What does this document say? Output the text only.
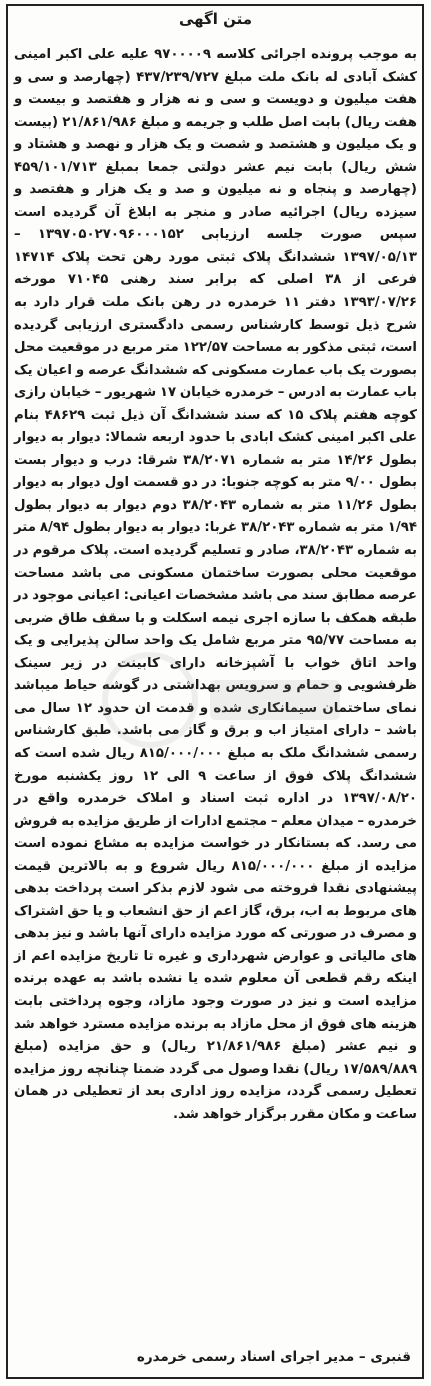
متن اگهی

به موجب پرونده اجرائی کلاسه ۹۷۰۰۰۰۹ علیه علی اکبر امینی کشک آبادی له بانک ملت مبلغ ۴۳۷/۲۳۹/۷۲۷ (چهارصد و سی و هفت میلیون و دویست و سی و نه هزار و هفتصد و بیست و هفت ریال) بابت اصل طلب و جریمه و مبلغ ۲۱/۸۶۱/۹۸۶ (بیست و یک میلیون و هشتصد و شصت و یک هزار و نهصد و هشتاد و شش ریال) بابت نیم عشر دولتی جمعا بمبلغ ۴۵۹/۱۰۱/۷۱۳ (چهارصد و پنجاه و نه میلیون و صد و یک هزار و هفتصد و سیزده ریال) اجرائیه صادر و منجر به ابلاغ آن گردیده است سپس صورت جلسه ارزیابی ۱۳۹۷۰۵۰۲۷۰۹۶۰۰۰۱۵۲ – ۱۳۹۷/۰۵/۱۳ ششدانگ پلاک ثبتی مورد رهن تحت پلاک ۱۴۷۱۴ فرعی از ۳۸ اصلی که برابر سند رهنی ۷۱۰۴۵ مورخه ۱۳۹۳/۰۷/۲۶ دفتر ۱۱ خرمدره در رهن بانک ملت قرار دارد به شرح ذیل توسط کارشناس رسمی دادگستری ارزیابی گردیده است، ثبتی مذکور به مساحت ۱۲۲/۵۷ متر مربع در موقعیت محل بصورت یک باب عمارت مسکونی که ششدانگ عرصه و اعیان یک باب عمارت به ادرس – خرمدره خیابان ۱۷ شهریور – خیابان رازی کوچه هفتم پلاک ۱۵ که سند ششدانگ آن ذیل ثبت ۴۸۶۲۹ بنام علی اکبر امینی کشک ابادی با حدود اربعه شمالا: دیوار به دیوار بطول ۱۴/۲۶ متر به شماره ۳۸/۲۰۷۱ شرقا: درب و دیوار بست بطول ۹/۰۰ متر به کوچه جنوبا: در دو قسمت اول دیوار به دیوار بطول ۱۱/۲۶ متر به شماره ۳۸/۲۰۴۳ دوم دیوار به دیوار بطول ۱/۹۴ متر به شماره ۳۸/۲۰۴۳ غربا: دیوار به دیوار بطول ۸/۹۴ متر به شماره ۳۸/۲۰۴۳، صادر و تسلیم گردیده است. پلاک مرقوم در موقعیت محلی بصورت ساختمان مسکونی می باشد مساحت عرصه مطابق سند می باشد مشخصات اعیانی: اعیانی موجود در طبقه همکف با سازه اجری نیمه اسکلت و با سقف طاق ضربی به مساحت ۹۵/۷۷ متر مربع شامل یک واحد سالن پذیرایی و یک واحد اتاق خواب با آشپزخانه دارای کابینت در زیر سینک ظرفشویی و حمام و سرویس بهداشتی در گوشه حیاط میباشد نمای ساختمان سیمانکاری شده و قدمت ان حدود ۱۲ سال می باشد – دارای امتیاز اب و برق و گاز می باشد. طبق کارشناس رسمی ششدانگ ملک به مبلغ ۸۱۵/۰۰۰/۰۰۰ ریال شده است که ششدانگ پلاک فوق از ساعت ۹ الی ۱۲ روز یکشنبه مورخ ۱۳۹۷/۰۸/۲۰ در اداره ثبت اسناد و املاک خرمدره واقع در خرمدره – میدان معلم – مجتمع ادارات از طریق مزایده به فروش می رسد. که بستانکار در خواست مزایده به مشاع نموده است مزایده از مبلغ ۸۱۵/۰۰۰/۰۰۰ ریال شروع و به بالاترین قیمت پیشنهادی نقدا فروخته می شود لازم بذکر است پرداخت بدهی های مربوط به اب، برق، گاز اعم از حق انشعاب و یا حق اشتراک و مصرف در صورتی که مورد مزایده دارای آنها باشد و نیز بدهی های مالیاتی و عوارض شهرداری و غیره تا تاریخ مزایده اعم از اینکه رقم قطعی آن معلوم شده یا نشده باشد به عهده برنده مزایده است و نیز در صورت وجود مازاد، وجوه پرداختی بابت هزینه های فوق از محل مازاد به برنده مزایده مسترد خواهد شد و نیم عشر (مبلغ ۲۱/۸۶۱/۹۸۶ ریال) و حق مزایده (مبلغ ۱۷/۵۸۹/۸۸۹ ریال) نقدا وصول می گردد ضمنا چنانچه روز مزایده تعطیل رسمی گردد، مزایده روز اداری بعد از تعطیلی در همان ساعت و مکان مقرر برگزار خواهد شد.

قنبری – مدیر اجرای اسناد رسمی خرمدره
